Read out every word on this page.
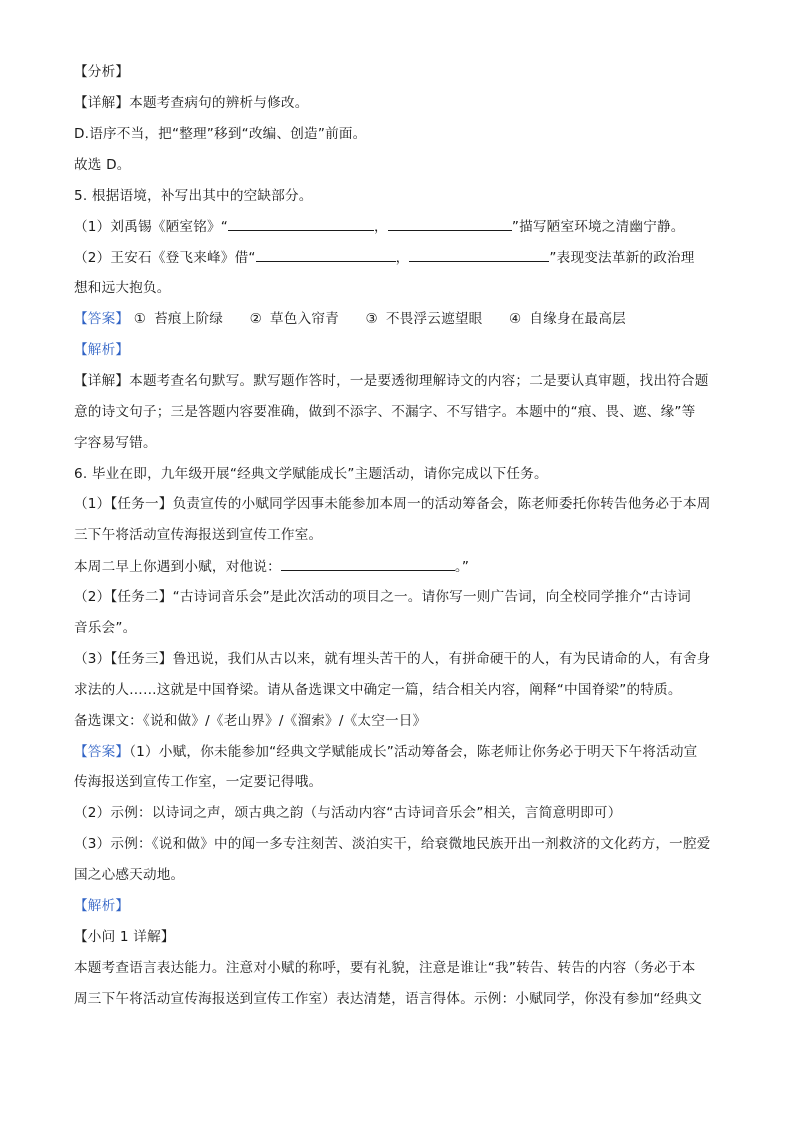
【分析】
【详解】本题考查病句的辨析与修改。
D.语序不当，把“整理”移到“改编、创造”前面。
故选 D。
5. 根据语境，补写出其中的空缺部分。
（1）刘禹锡《陋室铭》“	，	”描写陋室环境之清幽宁静。
（2）王安石《登飞来峰》借“	，	”表现变法革新的政治理
想和远大抱负。
【答案】 ① 苔痕上阶绿 ② 草色入帘青 ③ 不畏浮云遮望眼 ④ 自缘身在最高层
【解析】
【详解】本题考查名句默写。默写题作答时，一是要透彻理解诗文的内容；二是要认真审题，找出符合题
意的诗文句子；三是答题内容要准确，做到不添字、不漏字、不写错字。本题中的“痕、畏、遮、缘”等
字容易写错。
6. 毕业在即，九年级开展“经典文学赋能成长”主题活动，请你完成以下任务。
（1）【任务一】负责宣传的小赋同学因事未能参加本周一的活动筹备会，陈老师委托你转告他务必于本周
三下午将活动宣传海报送到宣传工作室。
本周二早上你遇到小赋，对他说：	。”
（2）【任务二】“古诗词音乐会”是此次活动的项目之一。请你写一则广告词，向全校同学推介“古诗词
音乐会”。
（3）【任务三】鲁迅说，我们从古以来，就有埋头苦干的人，有拼命硬干的人，有为民请命的人，有舍身
求法的人……这就是中国脊梁。请从备选课文中确定一篇，结合相关内容，阐释“中国脊梁”的特质。
备选课文：《说和做》/《老山界》/《溜索》/《太空一日》
【答案】（1）小赋，你未能参加“经典文学赋能成长”活动筹备会，陈老师让你务必于明天下午将活动宣
传海报送到宣传工作室，一定要记得哦。
（2）示例：以诗词之声，颂古典之韵（与活动内容“古诗词音乐会”相关，言简意明即可）
（3）示例：《说和做》中的闻一多专注刻苦、淡泊实干，给衰微地民族开出一剂救济的文化药方，一腔爱
国之心感天动地。
【解析】
【小问 1 详解】
本题考查语言表达能力。注意对小赋的称呼，要有礼貌，注意是谁让“我”转告、转告的内容（务必于本
周三下午将活动宣传海报送到宣传工作室）表达清楚，语言得体。示例：小赋同学，你没有参加“经典文
